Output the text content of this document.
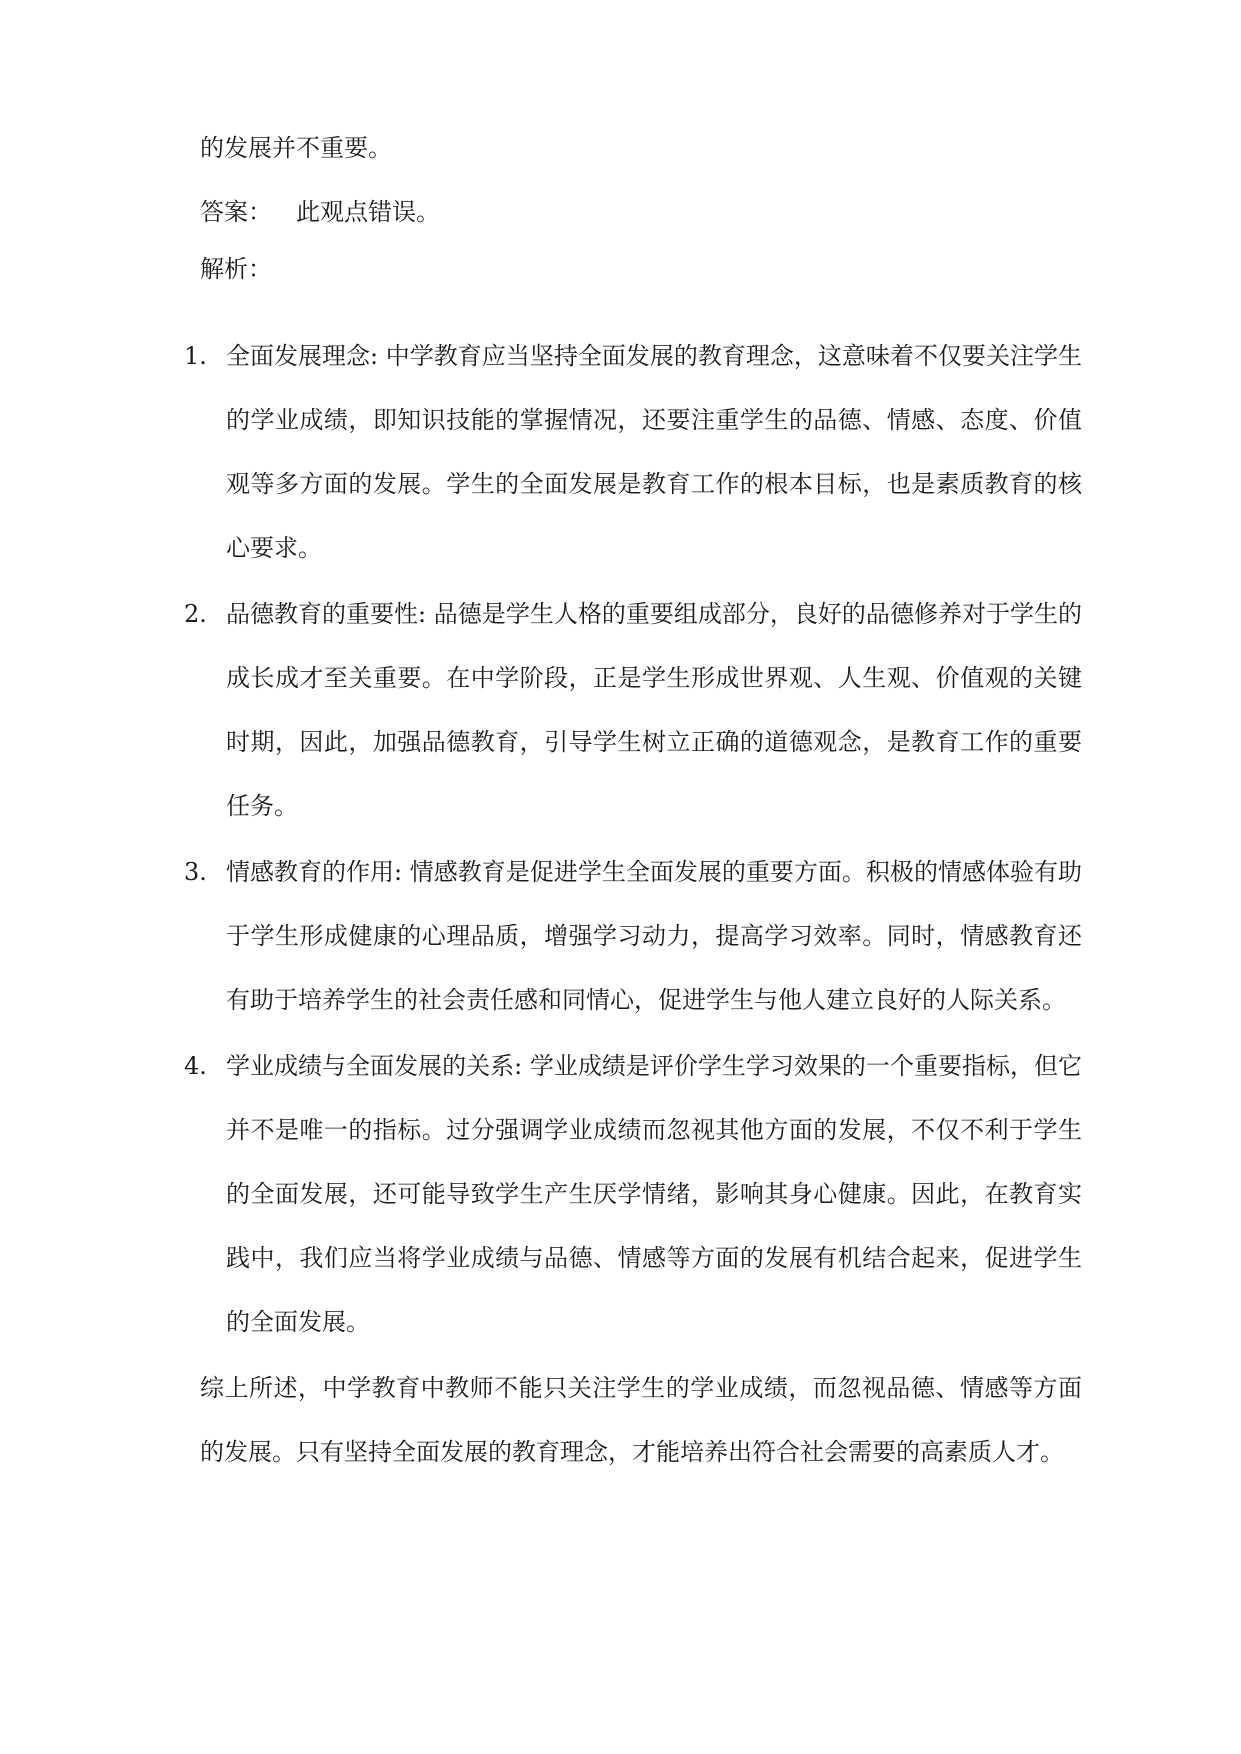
的发展并不重要。
答案： 此观点错误。
解析：
1. 全面发展理念: 中学教育应当坚持全面发展的教育理念，这意味着不仅要关注学生的学业成绩，即知识技能的掌握情况，还要注重学生的品德、情感、态度、价值观等多方面的发展。学生的全面发展是教育工作的根本目标，也是素质教育的核心要求。
2. 品德教育的重要性: 品德是学生人格的重要组成部分，良好的品德修养对于学生的成长成才至关重要。在中学阶段，正是学生形成世界观、人生观、价值观的关键时期，因此，加强品德教育，引导学生树立正确的道德观念，是教育工作的重要任务。
3. 情感教育的作用: 情感教育是促进学生全面发展的重要方面。积极的情感体验有助于学生形成健康的心理品质，增强学习动力，提高学习效率。同时，情感教育还有助于培养学生的社会责任感和同情心，促进学生与他人建立良好的人际关系。
4. 学业成绩与全面发展的关系: 学业成绩是评价学生学习效果的一个重要指标，但它并不是唯一的指标。过分强调学业成绩而忽视其他方面的发展，不仅不利于学生的全面发展，还可能导致学生产生厌学情绪，影响其身心健康。因此，在教育实践中，我们应当将学业成绩与品德、情感等方面的发展有机结合起来，促进学生的全面发展。
综上所述，中学教育中教师不能只关注学生的学业成绩，而忽视品德、情感等方面的发展。只有坚持全面发展的教育理念，才能培养出符合社会需要的高素质人才。
